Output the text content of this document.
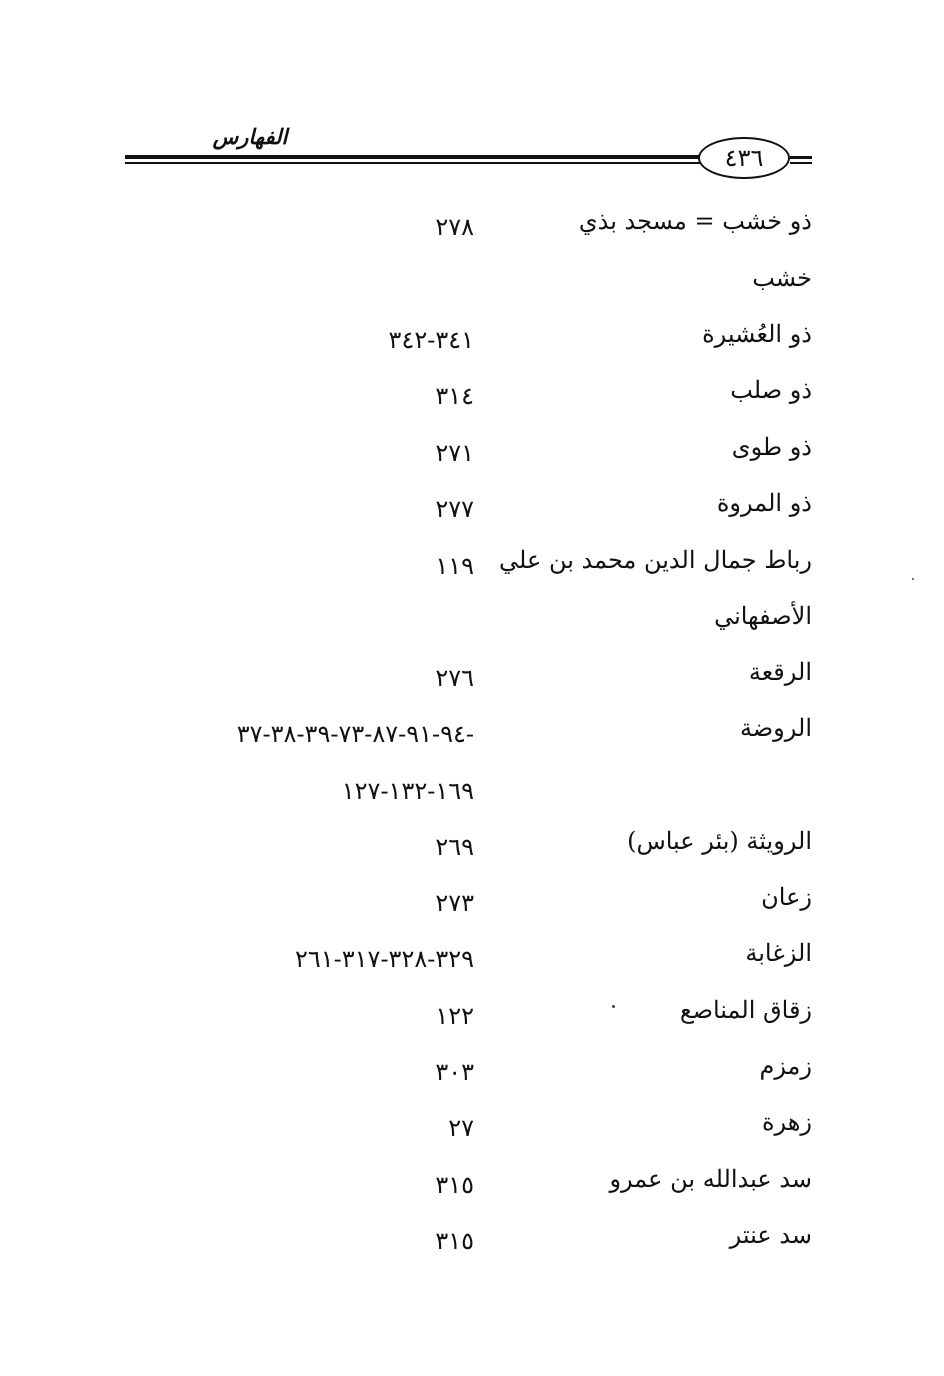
الفهارس
٤٣٦
ذو خشب = مسجد بذي
٢٧٨
خشب
ذو العُشيرة
٣٤١-٣٤٢
ذو صلب
٣١٤
ذو طوى
٢٧١
ذو المروة
٢٧٧
رباط جمال الدين محمد بن علي
١١٩
الأصفهاني
الرقعة
٢٧٦
الروضة
-٩٤-٩١-٨٧-٧٣-٣٩-٣٨-٣٧
١٦٩-١٣٢-١٢٧
الرويثة (بئر عباس)
٢٦٩
زعان
٢٧٣
الزغابة
٣٢٩-٣٢٨-٣١٧-٢٦١
زقاق المناصع
١٢٢
زمزم
٣٠٣
زهرة
٢٧
سد عبدالله بن عمرو
٣١٥
سد عنتر
٣١٥
